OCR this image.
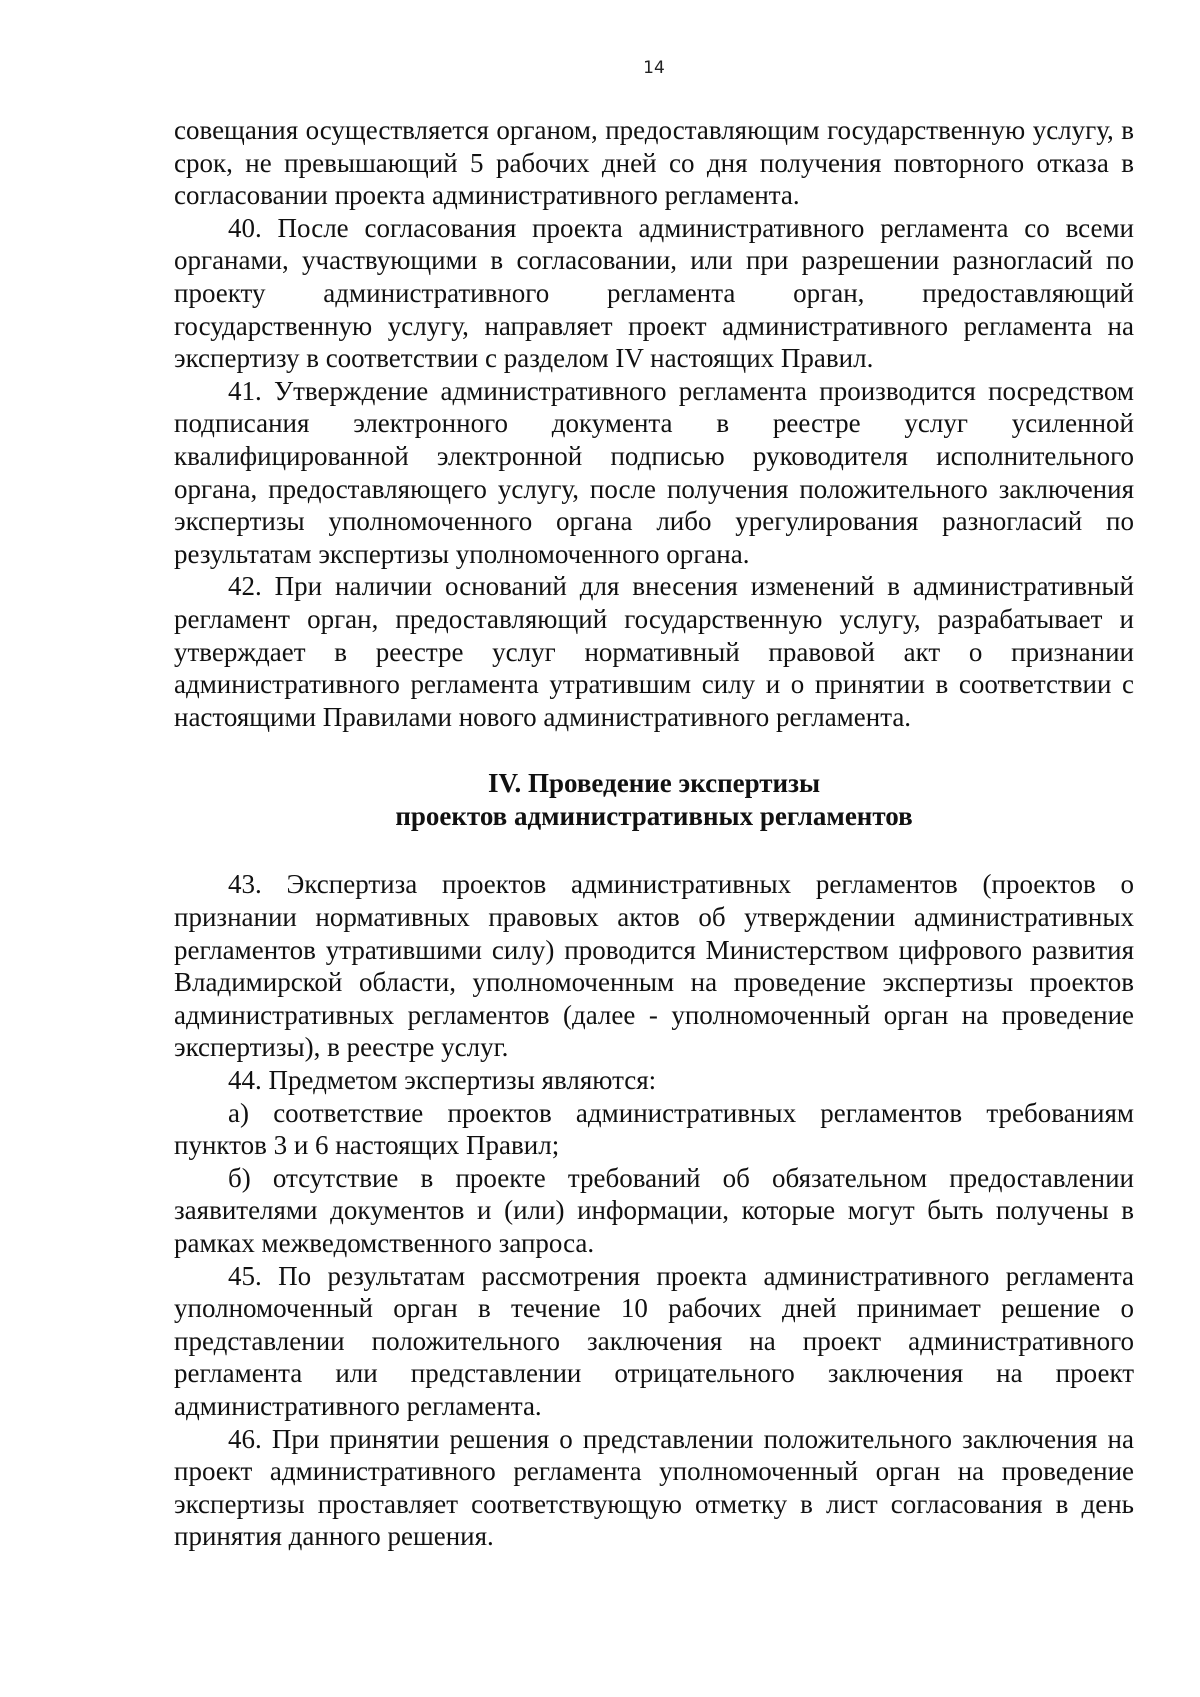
14

совещания осуществляется органом, предоставляющим государственную услугу, в срок, не превышающий 5 рабочих дней со дня получения повторного отказа в согласовании проекта административного регламента.

40. После согласования проекта административного регламента со всеми органами, участвующими в согласовании, или при разрешении разногласий по проекту административного регламента орган, предоставляющий государственную услугу, направляет проект административного регламента на экспертизу в соответствии с разделом IV настоящих Правил.

41. Утверждение административного регламента производится посредством подписания электронного документа в реестре услуг усиленной квалифицированной электронной подписью руководителя исполнительного органа, предоставляющего услугу, после получения положительного заключения экспертизы уполномоченного органа либо урегулирования разногласий по результатам экспертизы уполномоченного органа.

42. При наличии оснований для внесения изменений в административный регламент орган, предоставляющий государственную услугу, разрабатывает и утверждает в реестре услуг нормативный правовой акт о признании административного регламента утратившим силу и о принятии в соответствии с настоящими Правилами нового административного регламента.

IV. Проведение экспертизы
проектов административных регламентов

43. Экспертиза проектов административных регламентов (проектов о признании нормативных правовых актов об утверждении административных регламентов утратившими силу) проводится Министерством цифрового развития Владимирской области, уполномоченным на проведение экспертизы проектов административных регламентов (далее - уполномоченный орган на проведение экспертизы), в реестре услуг.

44. Предметом экспертизы являются:

а) соответствие проектов административных регламентов требованиям пунктов 3 и 6 настоящих Правил;

б) отсутствие в проекте требований об обязательном предоставлении заявителями документов и (или) информации, которые могут быть получены в рамках межведомственного запроса.

45. По результатам рассмотрения проекта административного регламента уполномоченный орган в течение 10 рабочих дней принимает решение о представлении положительного заключения на проект административного регламента или представлении отрицательного заключения на проект административного регламента.

46. При принятии решения о представлении положительного заключения на проект административного регламента уполномоченный орган на проведение экспертизы проставляет соответствующую отметку в лист согласования в день принятия данного решения.
